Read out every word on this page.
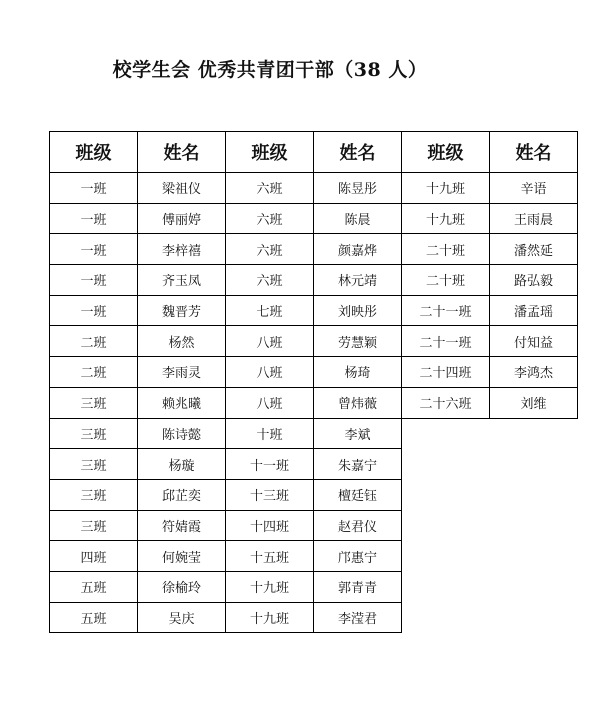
校学生会 优秀共青团干部（38 人）
班级	姓名	班级	姓名	班级	姓名
一班	梁祖仪	六班	陈昱彤	十九班	辛语
一班	傅丽婷	六班	陈晨	十九班	王雨晨
一班	李梓禧	六班	颜嘉烨	二十班	潘然延
一班	齐玉凤	六班	林元靖	二十班	路弘毅
一班	魏晋芳	七班	刘映彤	二十一班	潘孟瑶
二班	杨然	八班	劳慧颖	二十一班	付知益
二班	李雨灵	八班	杨琦	二十四班	李鸿杰
三班	赖兆曦	八班	曾炜薇	二十六班	刘维
三班	陈诗懿	十班	李斌		
三班	杨璇	十一班	朱嘉宁		
三班	邱芷奕	十三班	檀廷钰		
三班	符婧霞	十四班	赵君仪		
四班	何婉莹	十五班	邝惠宁		
五班	徐榆玲	十九班	郭青青		
五班	吴庆	十九班	李滢君		
